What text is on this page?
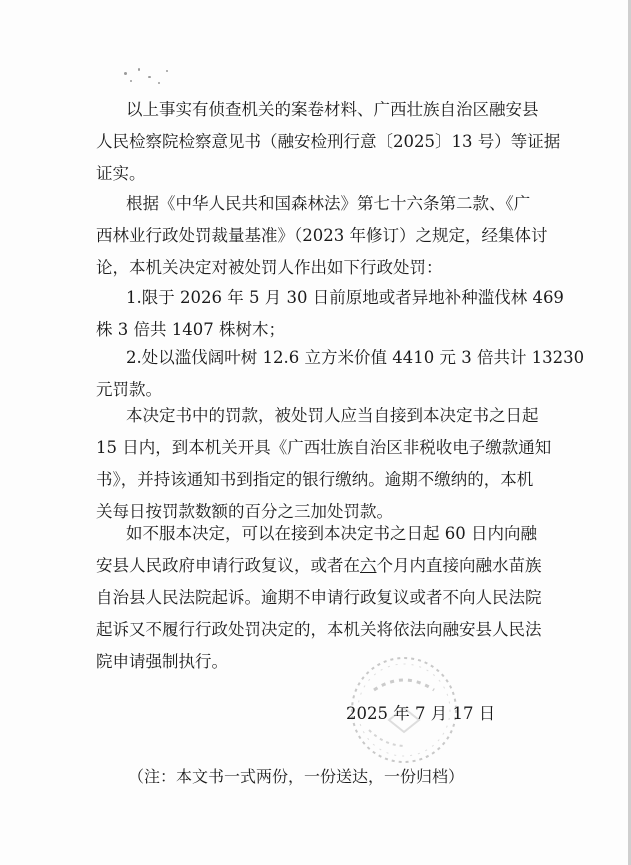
以上事实有侦查机关的案卷材料、广西壮族自治区融安县
人民检察院检察意见书（融安检刑行意〔2025〕13 号）等证据
证实。
根据《中华人民共和国森林法》第七十六条第二款、《广
西林业行政处罚裁量基准》（2023 年修订）之规定，经集体讨
论，本机关决定对被处罚人作出如下行政处罚：
1.限于 2026 年 5 月 30 日前原地或者异地补种滥伐林 469
株 3 倍共 1407 株树木；
2.处以滥伐阔叶树 12.6 立方米价值 4410 元 3 倍共计 13230
元罚款。
本决定书中的罚款，被处罚人应当自接到本决定书之日起
15 日内，到本机关开具《广西壮族自治区非税收电子缴款通知
书》，并持该通知书到指定的银行缴纳。逾期不缴纳的，本机
关每日按罚款数额的百分之三加处罚款。
如不服本决定，可以在接到本决定书之日起 60 日内向融
安县人民政府申请行政复议，或者在六个月内直接向融水苗族
自治县人民法院起诉。逾期不申请行政复议或者不向人民法院
起诉又不履行行政处罚决定的，本机关将依法向融安县人民法
院申请强制执行。
2025 年 7 月 17 日
（注：本文书一式两份，一份送达，一份归档）
